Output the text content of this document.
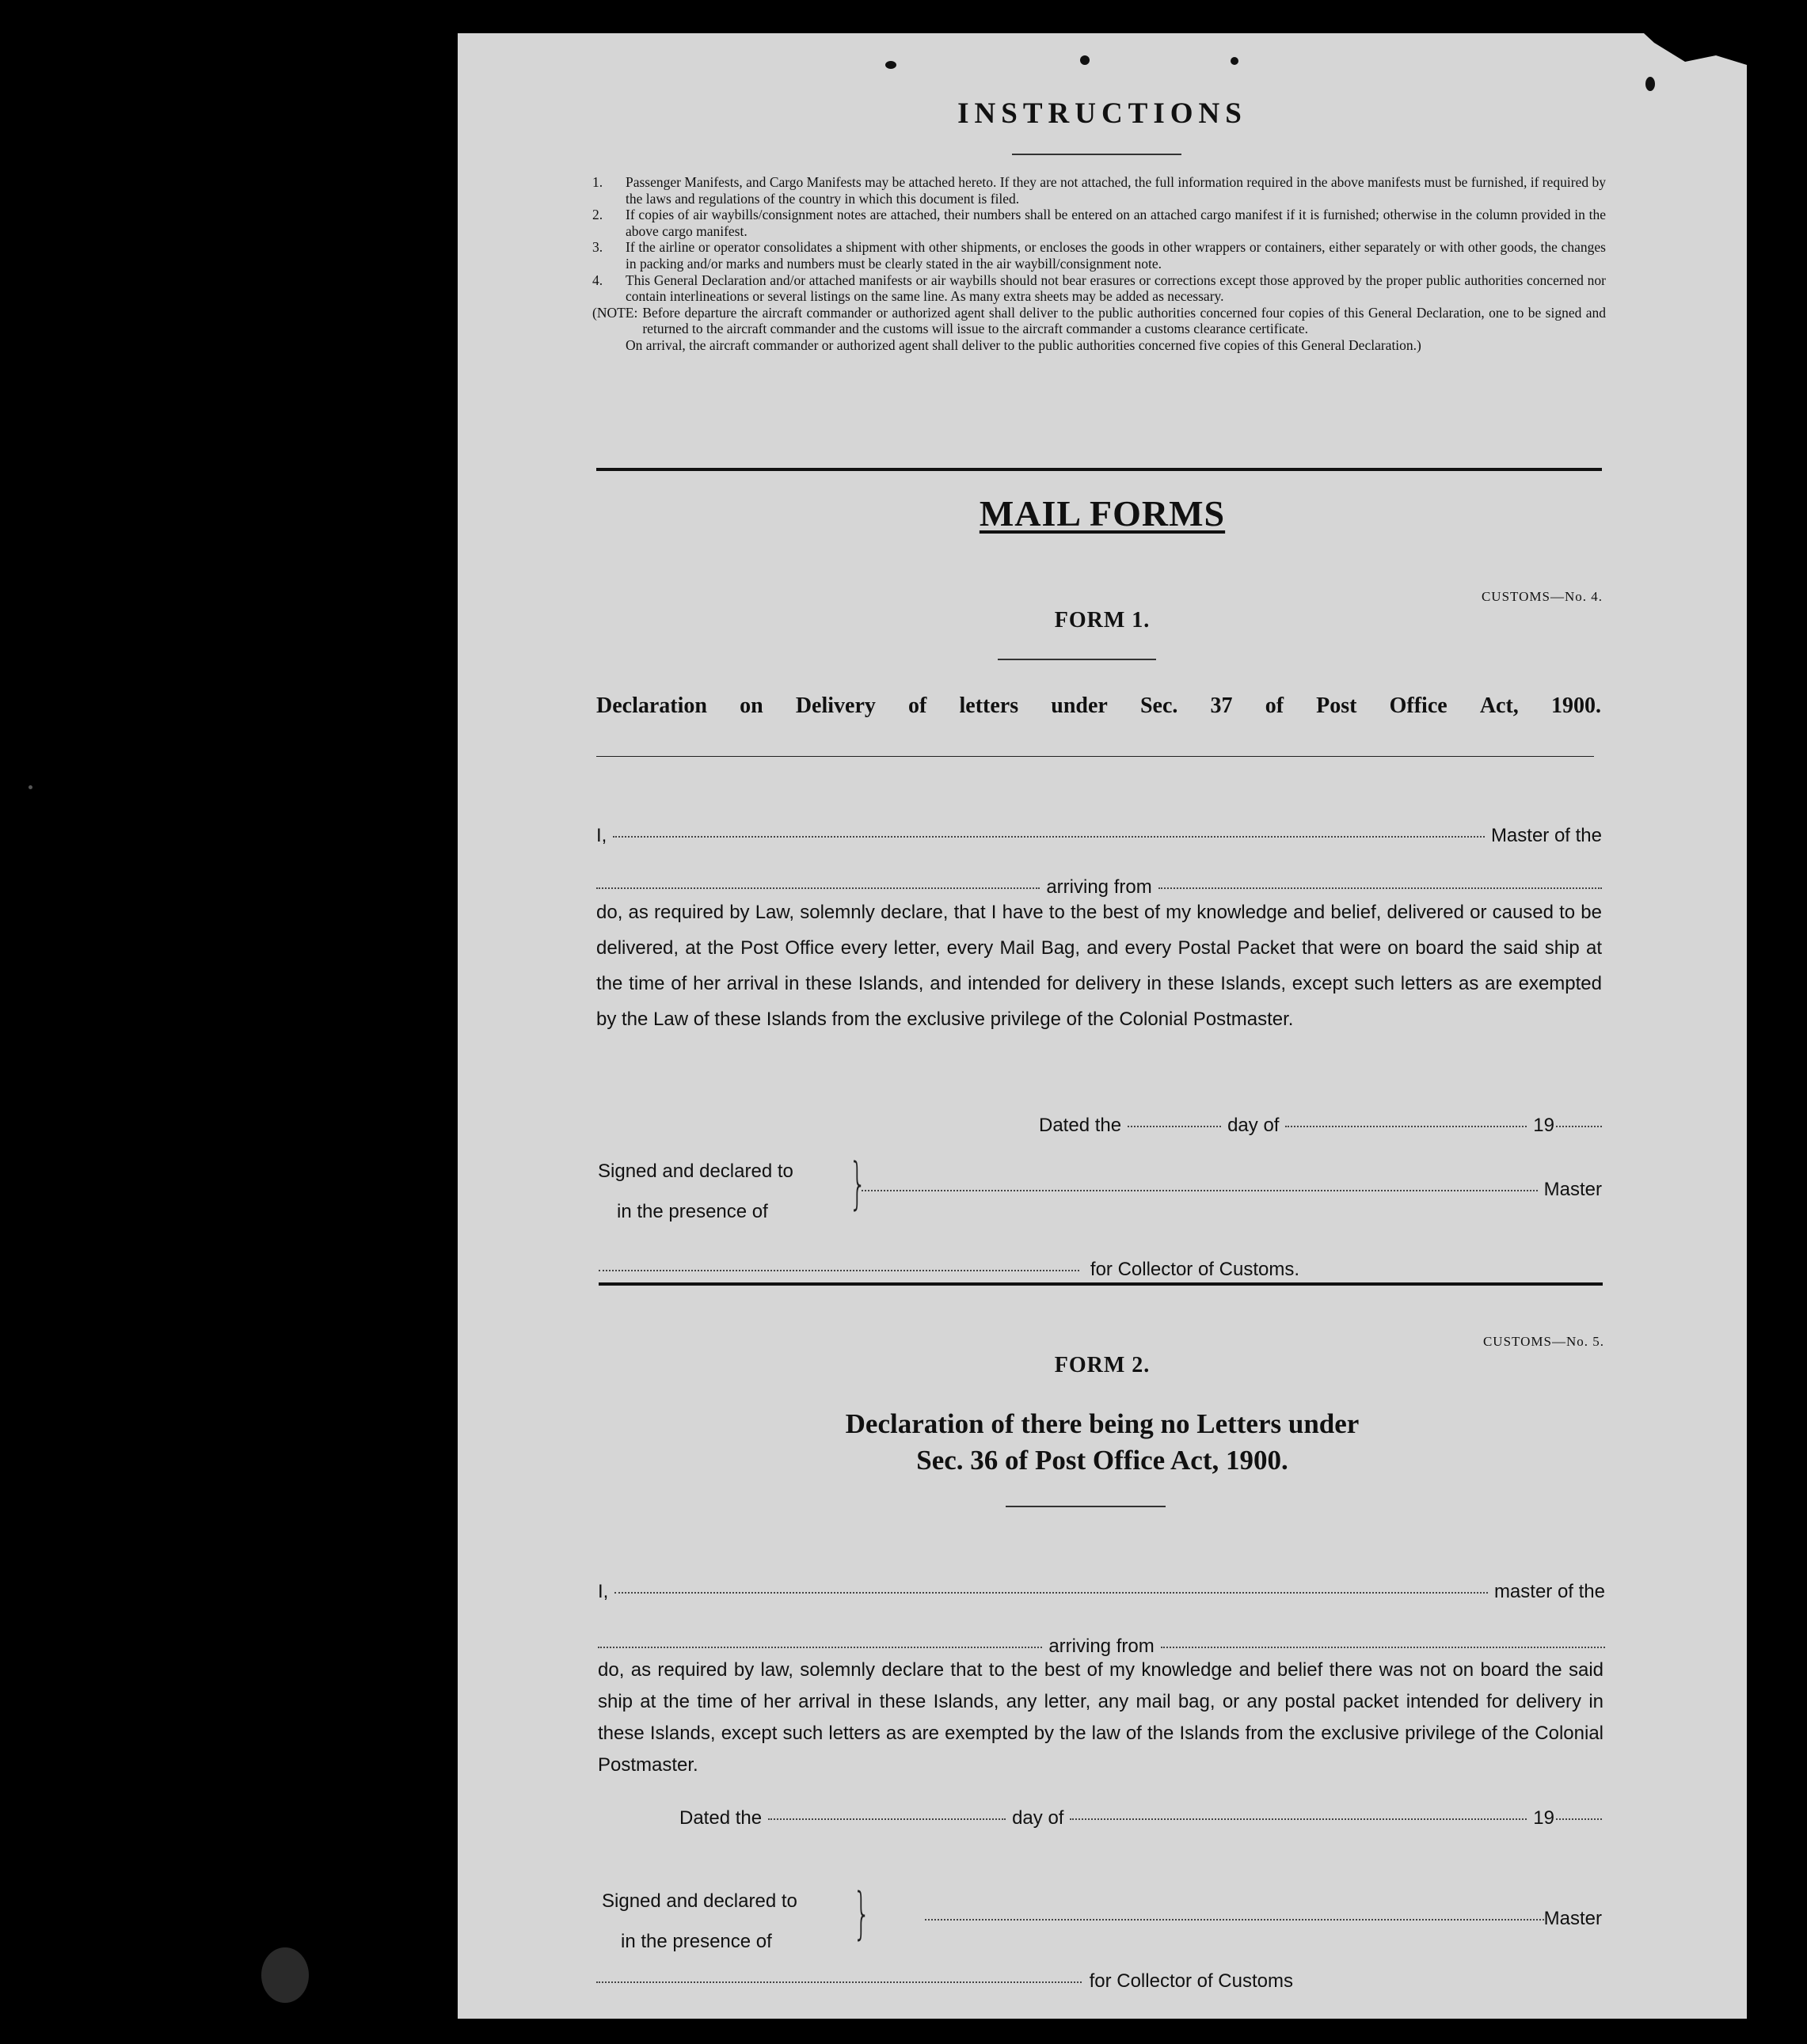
INSTRUCTIONS
1.	Passenger Manifests, and Cargo Manifests may be attached hereto. If they are not attached, the full information required in the above manifests must be furnished, if required by the laws and regulations of the country in which this document is filed.
2.	If copies of air waybills/consignment notes are attached, their numbers shall be entered on an attached cargo manifest if it is furnished; otherwise in the column provided in the above cargo manifest.
3.	If the airline or operator consolidates a shipment with other shipments, or encloses the goods in other wrappers or containers, either separately or with other goods, the changes in packing and/or marks and numbers must be clearly stated in the air waybill/consignment note.
4.	This General Declaration and/or attached manifests or air waybills should not bear erasures or corrections except those approved by the proper public authorities concerned nor contain interlineations or several listings on the same line. As many extra sheets may be added as necessary.
(NOTE: Before departure the aircraft commander or authorized agent shall deliver to the public authorities concerned four copies of this General Declaration, one to be signed and returned to the aircraft commander and the customs will issue to the aircraft commander a customs clearance certificate.
On arrival, the aircraft commander or authorized agent shall deliver to the public authorities concerned five copies of this General Declaration.)
MAIL FORMS
CUSTOMS—No. 4.
FORM 1.
Declaration on Delivery of letters under Sec. 37 of Post Office Act, 1900.
I,	Master of the
arriving from
do, as required by Law, solemnly declare, that I have to the best of my knowledge and belief, delivered or caused to be delivered, at the Post Office every letter, every Mail Bag, and every Postal Packet that were on board the said ship at the time of her arrival in these Islands, and intended for delivery in these Islands, except such letters as are exempted by the Law of these Islands from the exclusive privilege of the Colonial Postmaster.
Dated the	day of	19
Signed and declared to
in the presence of	}	Master
for Collector of Customs.
CUSTOMS—No. 5.
FORM 2.
Declaration of there being no Letters under
Sec. 36 of Post Office Act, 1900.
I,	master of the
arriving from
do, as required by law, solemnly declare that to the best of my knowledge and belief there was not on board the said ship at the time of her arrival in these Islands, any letter, any mail bag, or any postal packet intended for delivery in these Islands, except such letters as are exempted by the law of the Islands from the exclusive privilege of the Colonial Postmaster.
Dated the	day of	19
Signed and declared to
in the presence of	}	Master
for Collector of Customs
